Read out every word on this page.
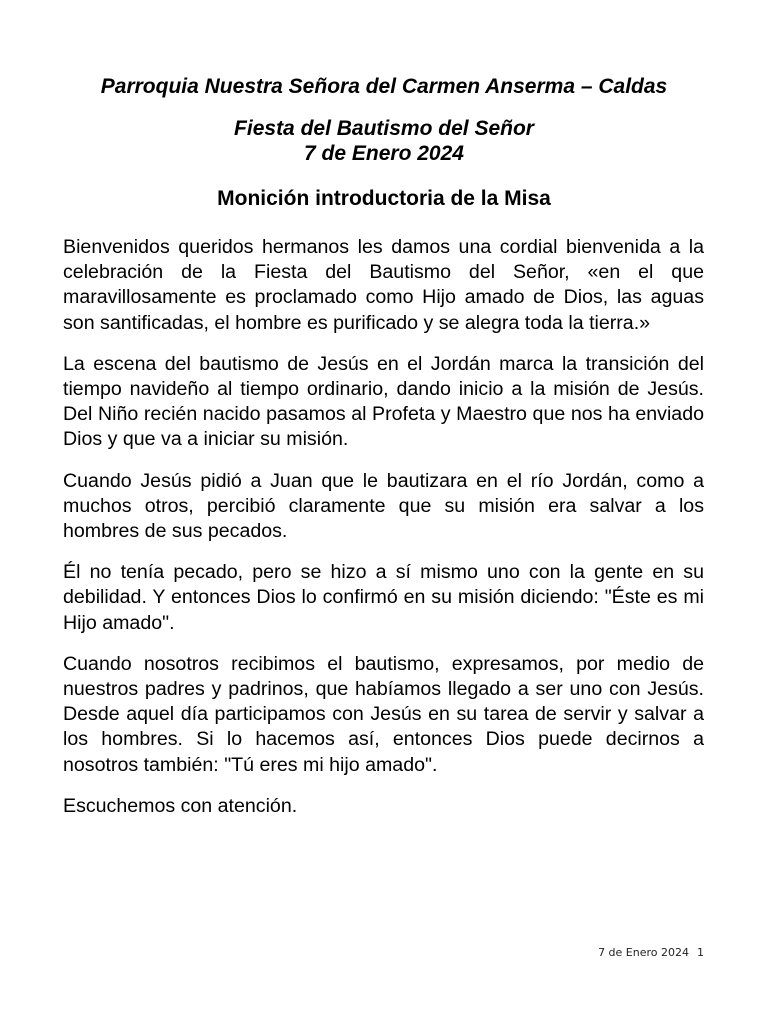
Parroquia Nuestra Señora del Carmen Anserma – Caldas
Fiesta del Bautismo del Señor
7 de Enero 2024
Monición introductoria de la Misa

Bienvenidos queridos hermanos les damos una cordial bienvenida a la celebración de la Fiesta del Bautismo del Señor, «en el que maravillosamente es proclamado como Hijo amado de Dios, las aguas son santificadas, el hombre es purificado y se alegra toda la tierra.»

La escena del bautismo de Jesús en el Jordán marca la transición del tiempo navideño al tiempo ordinario, dando inicio a la misión de Jesús. Del Niño recién nacido pasamos al Profeta y Maestro que nos ha enviado Dios y que va a iniciar su misión.

Cuando Jesús pidió a Juan que le bautizara en el río Jordán, como a muchos otros, percibió claramente que su misión era salvar a los hombres de sus pecados.

Él no tenía pecado, pero se hizo a sí mismo uno con la gente en su debilidad. Y entonces Dios lo confirmó en su misión diciendo: "Éste es mi Hijo amado".

Cuando nosotros recibimos el bautismo, expresamos, por medio de nuestros padres y padrinos, que habíamos llegado a ser uno con Jesús. Desde aquel día participamos con Jesús en su tarea de servir y salvar a los hombres. Si lo hacemos así, entonces Dios puede decirnos a nosotros también: "Tú eres mi hijo amado".

Escuchemos con atención.

7 de Enero 2024 1
